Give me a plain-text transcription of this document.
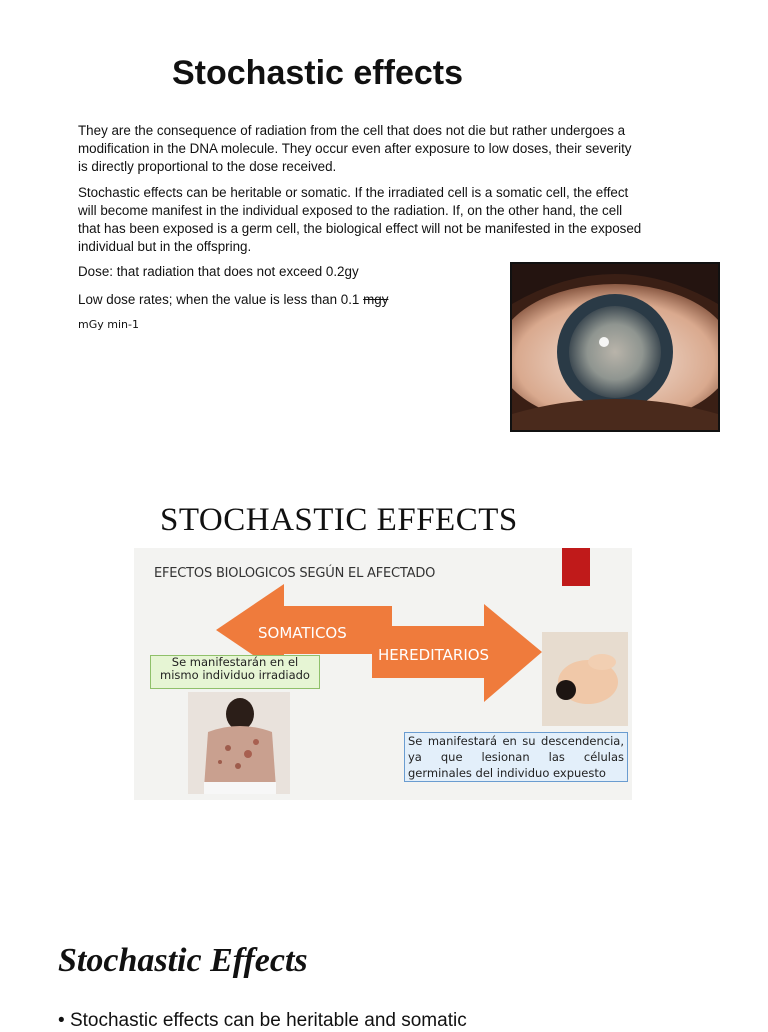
Stochastic effects
They are the consequence of radiation from the cell that does not die but rather undergoes a modification in the DNA molecule. They occur even after exposure to low doses, their severity is directly proportional to the dose received.
Stochastic effects can be heritable or somatic. If the irradiated cell is a somatic cell, the effect will become manifest in the individual exposed to the radiation. If, on the other hand, the cell that has been exposed is a germ cell, the biological effect will not be manifested in the exposed individual but in the offspring.
Dose: that radiation that does not exceed 0.2gy
Low dose rates; when the value is less than 0.1 mgy
mGy min-1
STOCHASTIC EFFECTS
EFECTOS BIOLOGICOS SEGÚN EL AFECTADO
SOMATICOS
HEREDITARIOS
Se manifestarán en el mismo individuo irradiado
Se manifestará en su descendencia, ya que lesionan las células germinales del individuo expuesto
Stochastic Effects
• Stochastic effects can be heritable and somatic
